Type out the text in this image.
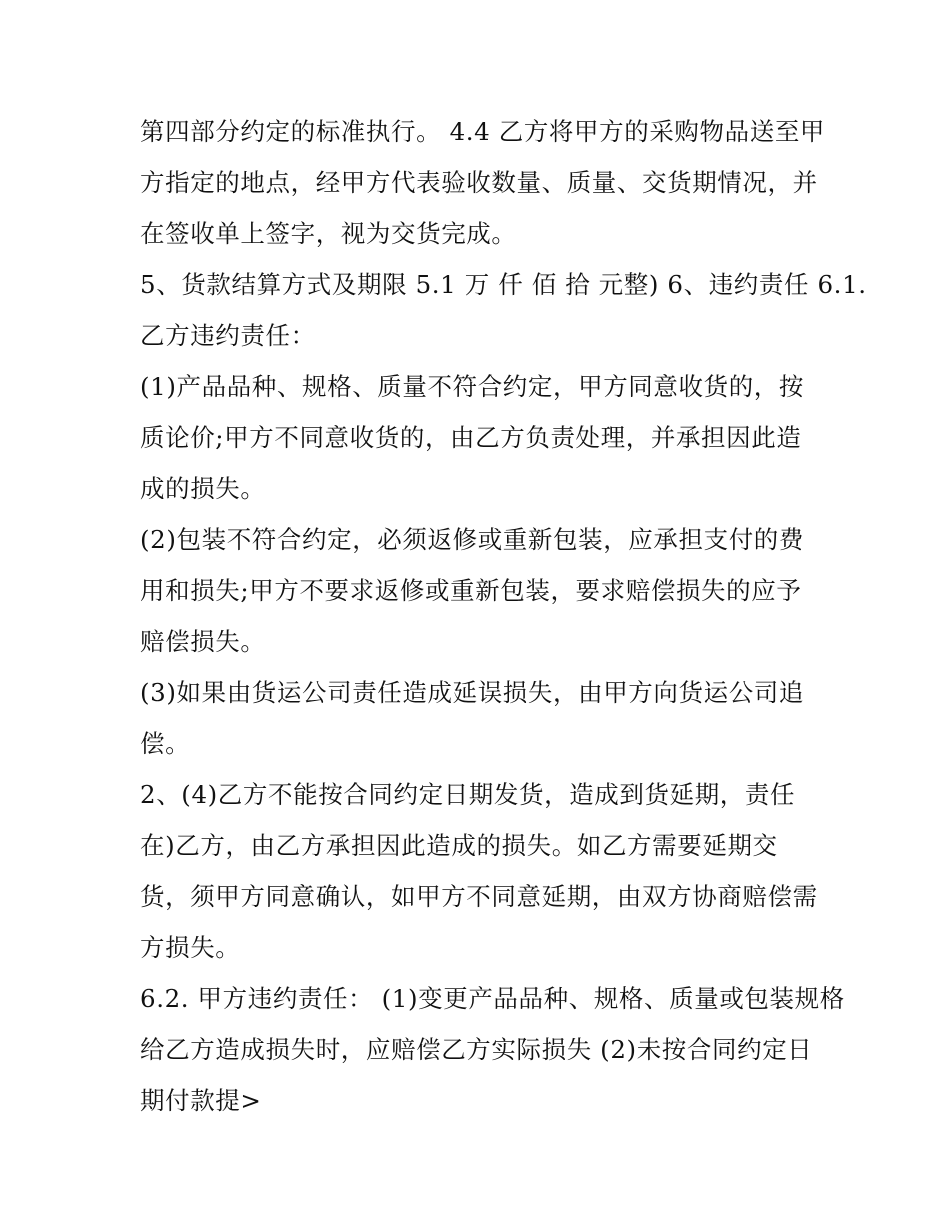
第四部分约定的标准执行。 4.4 乙方将甲方的采购物品送至甲
方指定的地点，经甲方代表验收数量、质量、交货期情况，并
在签收单上签字，视为交货完成。
5、货款结算方式及期限 5.1 万 仟 佰 拾 元整) 6、违约责任 6.1.
乙方违约责任：
(1)产品品种、规格、质量不符合约定，甲方同意收货的，按
质论价;甲方不同意收货的，由乙方负责处理，并承担因此造
成的损失。
(2)包装不符合约定，必须返修或重新包装，应承担支付的费
用和损失;甲方不要求返修或重新包装，要求赔偿损失的应予
赔偿损失。
(3)如果由货运公司责任造成延误损失，由甲方向货运公司追
偿。
2、(4)乙方不能按合同约定日期发货，造成到货延期，责任
在)乙方，由乙方承担因此造成的损失。如乙方需要延期交
货，须甲方同意确认，如甲方不同意延期，由双方协商赔偿需
方损失。
6.2. 甲方违约责任： (1)变更产品品种、规格、质量或包装规格
给乙方造成损失时，应赔偿乙方实际损失 (2)未按合同约定日
期付款提>
